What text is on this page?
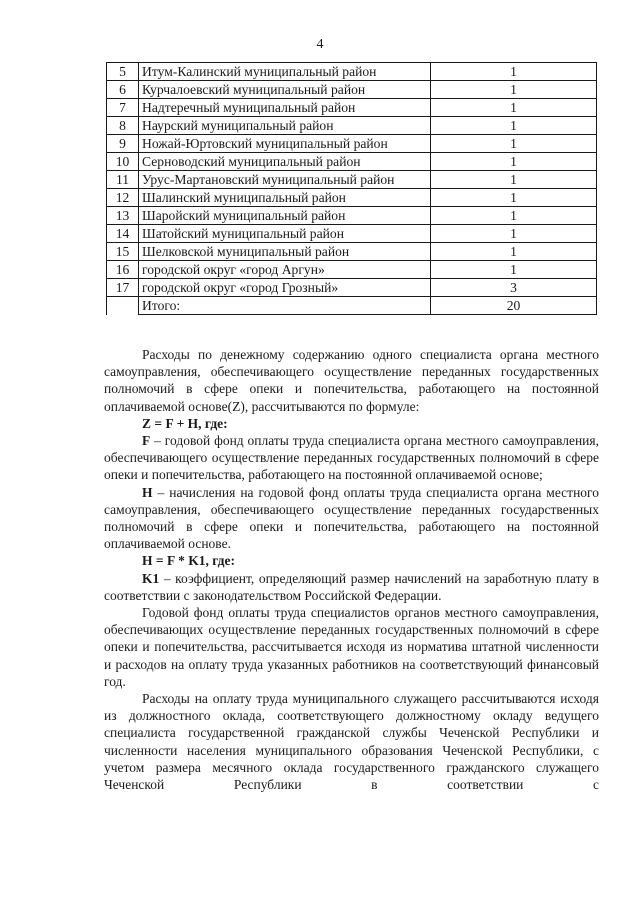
4
5	Итум-Калинский муниципальный район	1
6	Курчалоевский муниципальный район	1
7	Надтеречный муниципальный район	1
8	Наурский муниципальный район	1
9	Ножай-Юртовский муниципальный район	1
10	Серноводский муниципальный район	1
11	Урус-Мартановский муниципальный район	1
12	Шалинский муниципальный район	1
13	Шаройский муниципальный район	1
14	Шатойский муниципальный район	1
15	Шелковской муниципальный район	1
16	городской округ «город Аргун»	1
17	городской округ «город Грозный»	3
	Итого:	20

Расходы по денежному содержанию одного специалиста органа местного самоуправления, обеспечивающего осуществление переданных государственных полномочий в сфере опеки и попечительства, работающего на постоянной оплачиваемой основе(Z), рассчитываются по формуле:

Z = F + H, где:

F – годовой фонд оплаты труда специалиста органа местного самоуправления, обеспечивающего осуществление переданных государственных полномочий в сфере опеки и попечительства, работающего на постоянной оплачиваемой основе;

H – начисления на годовой фонд оплаты труда специалиста органа местного самоуправления, обеспечивающего осуществление переданных государственных полномочий в сфере опеки и попечительства, работающего на постоянной оплачиваемой основе.

H = F * K1, где:

K1 – коэффициент, определяющий размер начислений на заработную плату в соответствии с законодательством Российской Федерации.

Годовой фонд оплаты труда специалистов органов местного самоуправления, обеспечивающих осуществление переданных государственных полномочий в сфере опеки и попечительства, рассчитывается исходя из норматива штатной численности и расходов на оплату труда указанных работников на соответствующий финансовый год.

Расходы на оплату труда муниципального служащего рассчитываются исходя из должностного оклада, соответствующего должностному окладу ведущего специалиста государственной гражданской службы Чеченской Республики и численности населения муниципального образования Чеченской Республики, с учетом размера месячного оклада государственного гражданского служащего Чеченской Республики в соответствии с
